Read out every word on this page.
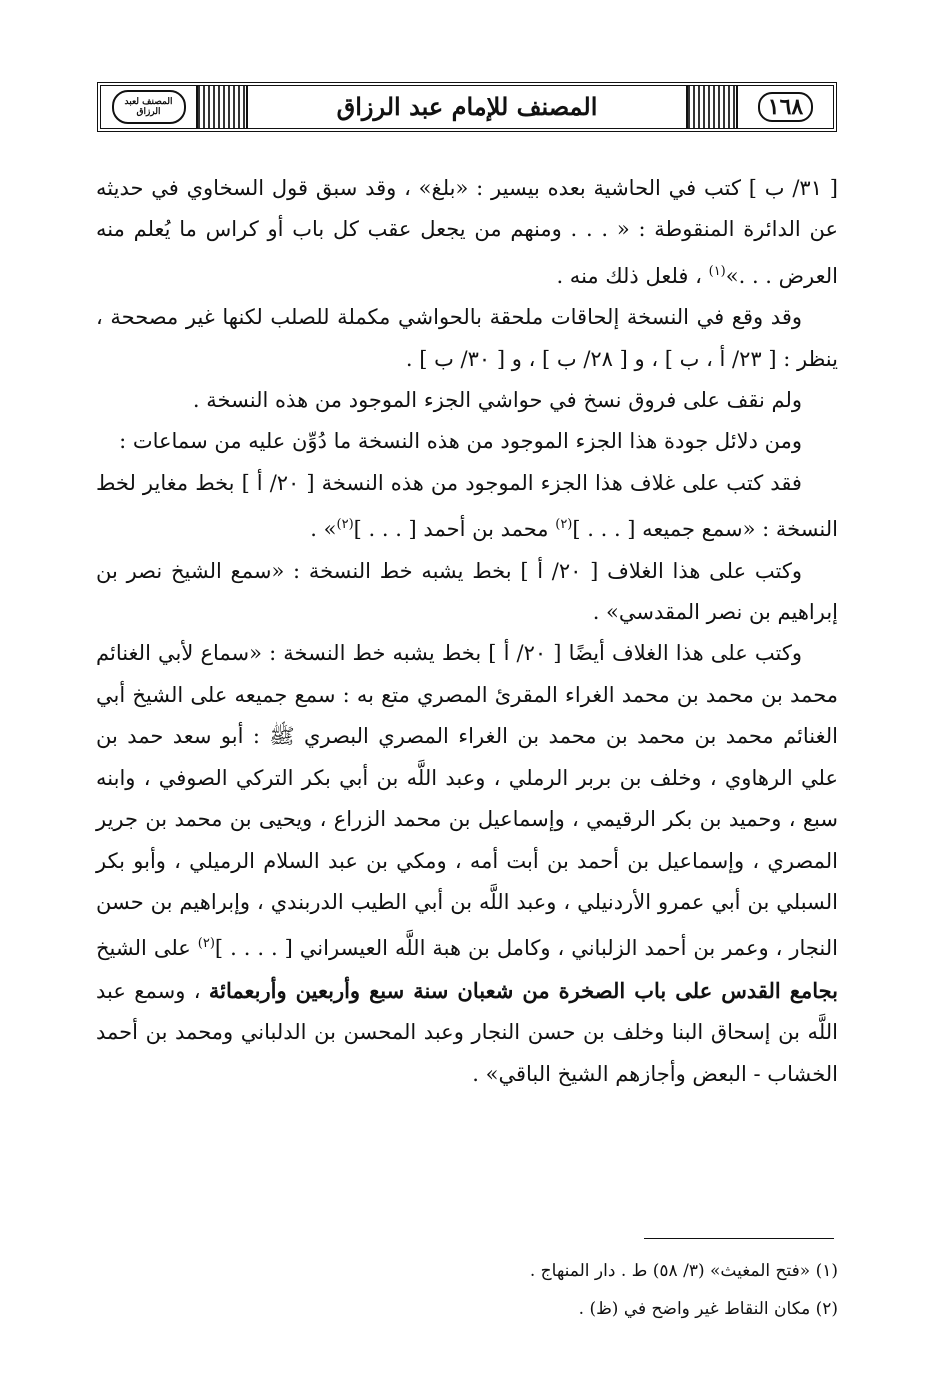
١٦٨
المصنف للإمام عبد الرزاق
المصنف لعبد الرزاق

[ ٣١/ ب ] كتب في الحاشية بعده بيسير : «بلغ» ، وقد سبق قول السخاوي في حديثه عن الدائرة المنقوطة : « . . . ومنهم من يجعل عقب كل باب أو كراس ما يُعلم منه العرض . . .»$^{(١)}$ ، فلعل ذلك منه .

وقد وقع في النسخة إلحاقات ملحقة بالحواشي مكملة للصلب لكنها غير مصححة ، ينظر : [ ٢٣/ أ ، ب ] ، و [ ٢٨/ ب ] ، و [ ٣٠/ ب ] .

ولم نقف على فروق نسخ في حواشي الجزء الموجود من هذه النسخة .

ومن دلائل جودة هذا الجزء الموجود من هذه النسخة ما دُوِّن عليه من سماعات :

فقد كتب على غلاف هذا الجزء الموجود من هذه النسخة [ ٢٠/ أ ] بخط مغاير لخط النسخة : «سمع جميعه [ . . . ]$^{(٢)}$ محمد بن أحمد [ . . . ]$^{(٢)}$» .

وكتب على هذا الغلاف [ ٢٠/ أ ] بخط يشبه خط النسخة : «سمع الشيخ نصر بن إبراهيم بن نصر المقدسي» .

وكتب على هذا الغلاف أيضًا [ ٢٠/ أ ] بخط يشبه خط النسخة : «سماع لأبي الغنائم محمد بن محمد بن محمد الغراء المقرئ المصري متع به : سمع جميعه على الشيخ أبي الغنائم محمد بن محمد بن محمد بن الغراء المصري البصري ﷺ : أبو سعد حمد بن علي الرهاوي ، وخلف بن بربر الرملي ، وعبد اللَّه بن أبي بكر التركي الصوفي ، وابنه سبع ، وحميد بن بكر الرقيمي ، وإسماعيل بن محمد الزراع ، ويحيى بن محمد بن جرير المصري ، وإسماعيل بن أحمد بن أبت أمه ، ومكي بن عبد السلام الرميلي ، وأبو بكر السبلي بن أبي عمرو الأردنيلي ، وعبد اللَّه بن أبي الطيب الدربندي ، وإبراهيم بن حسن النجار ، وعمر بن أحمد الزلباني ، وكامل بن هبة اللَّه العيسراني [ . . . . ]$^{(٢)}$ على الشيخ بجامع القدس على باب الصخرة من شعبان سنة سبع وأربعين وأربعمائة ، وسمع عبد اللَّه بن إسحاق البنا وخلف بن حسن النجار وعبد المحسن بن الدلباني ومحمد بن أحمد الخشاب - البعض وأجازهم الشيخ الباقي» .

(١) «فتح المغيث» (٣/ ٥٨) ط . دار المنهاج .

(٢) مكان النقاط غير واضح في (ظ) .
